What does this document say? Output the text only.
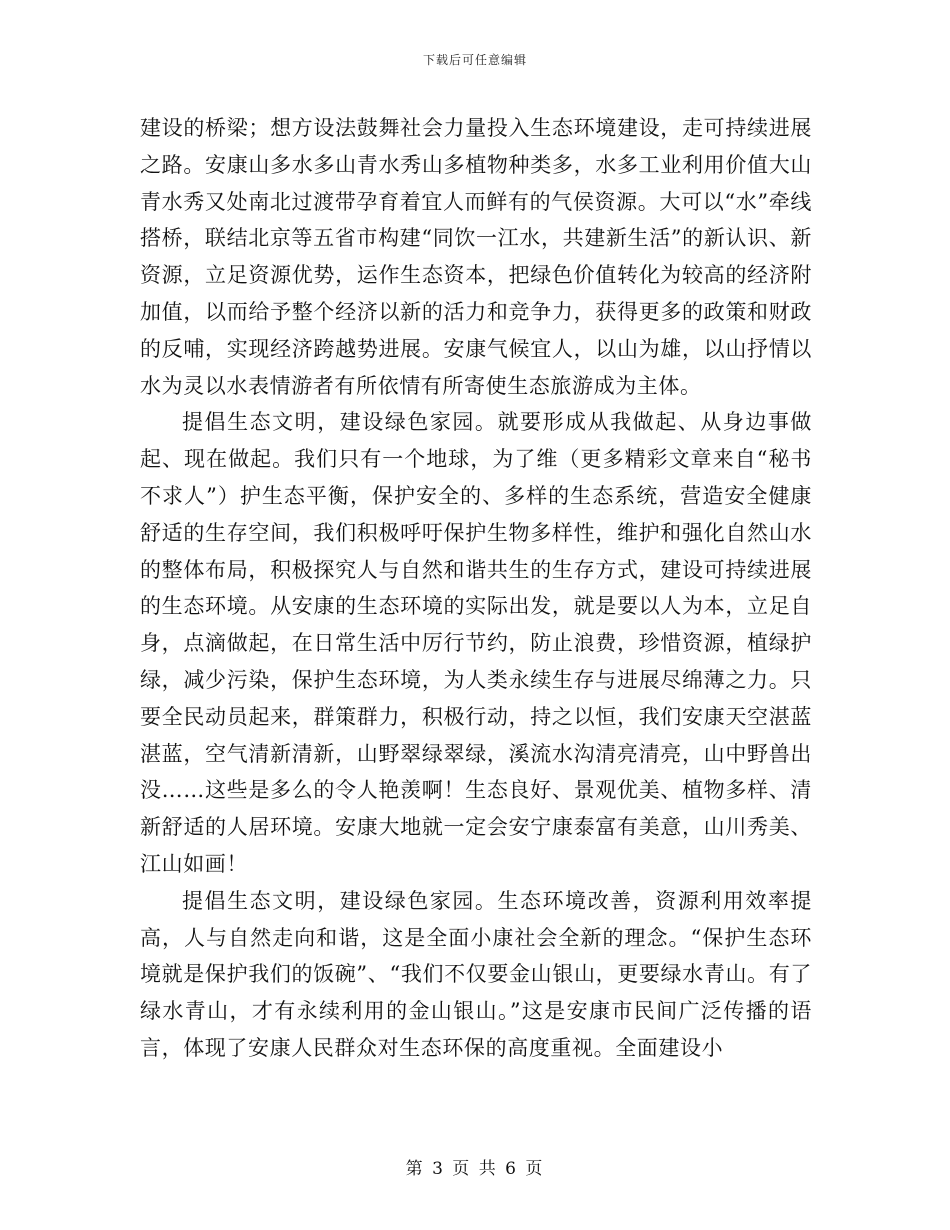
下载后可任意编辑

建设的桥梁；想方设法鼓舞社会力量投入生态环境建设，走可持续进展之路。安康山多水多山青水秀山多植物种类多，水多工业利用价值大山青水秀又处南北过渡带孕育着宜人而鲜有的气侯资源。大可以“水”牵线搭桥，联结北京等五省市构建“同饮一江水，共建新生活”的新认识、新资源，立足资源优势，运作生态资本，把绿色价值转化为较高的经济附加值，以而给予整个经济以新的活力和竞争力，获得更多的政策和财政的反哺，实现经济跨越势进展。安康气候宜人，以山为雄，以山抒情以水为灵以水表情游者有所依情有所寄使生态旅游成为主体。

提倡生态文明，建设绿色家园。就要形成从我做起、从身边事做起、现在做起。我们只有一个地球，为了维（更多精彩文章来自“秘书不求人”）护生态平衡，保护安全的、多样的生态系统，营造安全健康舒适的生存空间，我们积极呼吁保护生物多样性，维护和强化自然山水的整体布局，积极探究人与自然和谐共生的生存方式，建设可持续进展的生态环境。从安康的生态环境的实际出发，就是要以人为本，立足自身，点滴做起，在日常生活中厉行节约，防止浪费，珍惜资源，植绿护绿，减少污染，保护生态环境，为人类永续生存与进展尽绵薄之力。只要全民动员起来，群策群力，积极行动，持之以恒，我们安康天空湛蓝湛蓝，空气清新清新，山野翠绿翠绿，溪流水沟清亮清亮，山中野兽出没……这些是多么的令人艳羡啊！生态良好、景观优美、植物多样、清新舒适的人居环境。安康大地就一定会安宁康泰富有美意，山川秀美、江山如画！

提倡生态文明，建设绿色家园。生态环境改善，资源利用效率提高，人与自然走向和谐，这是全面小康社会全新的理念。“保护生态环境就是保护我们的饭碗”、“我们不仅要金山银山，更要绿水青山。有了绿水青山，才有永续利用的金山银山。”这是安康市民间广泛传播的语言，体现了安康人民群众对生态环保的高度重视。全面建设小

第 3 页 共 6 页
